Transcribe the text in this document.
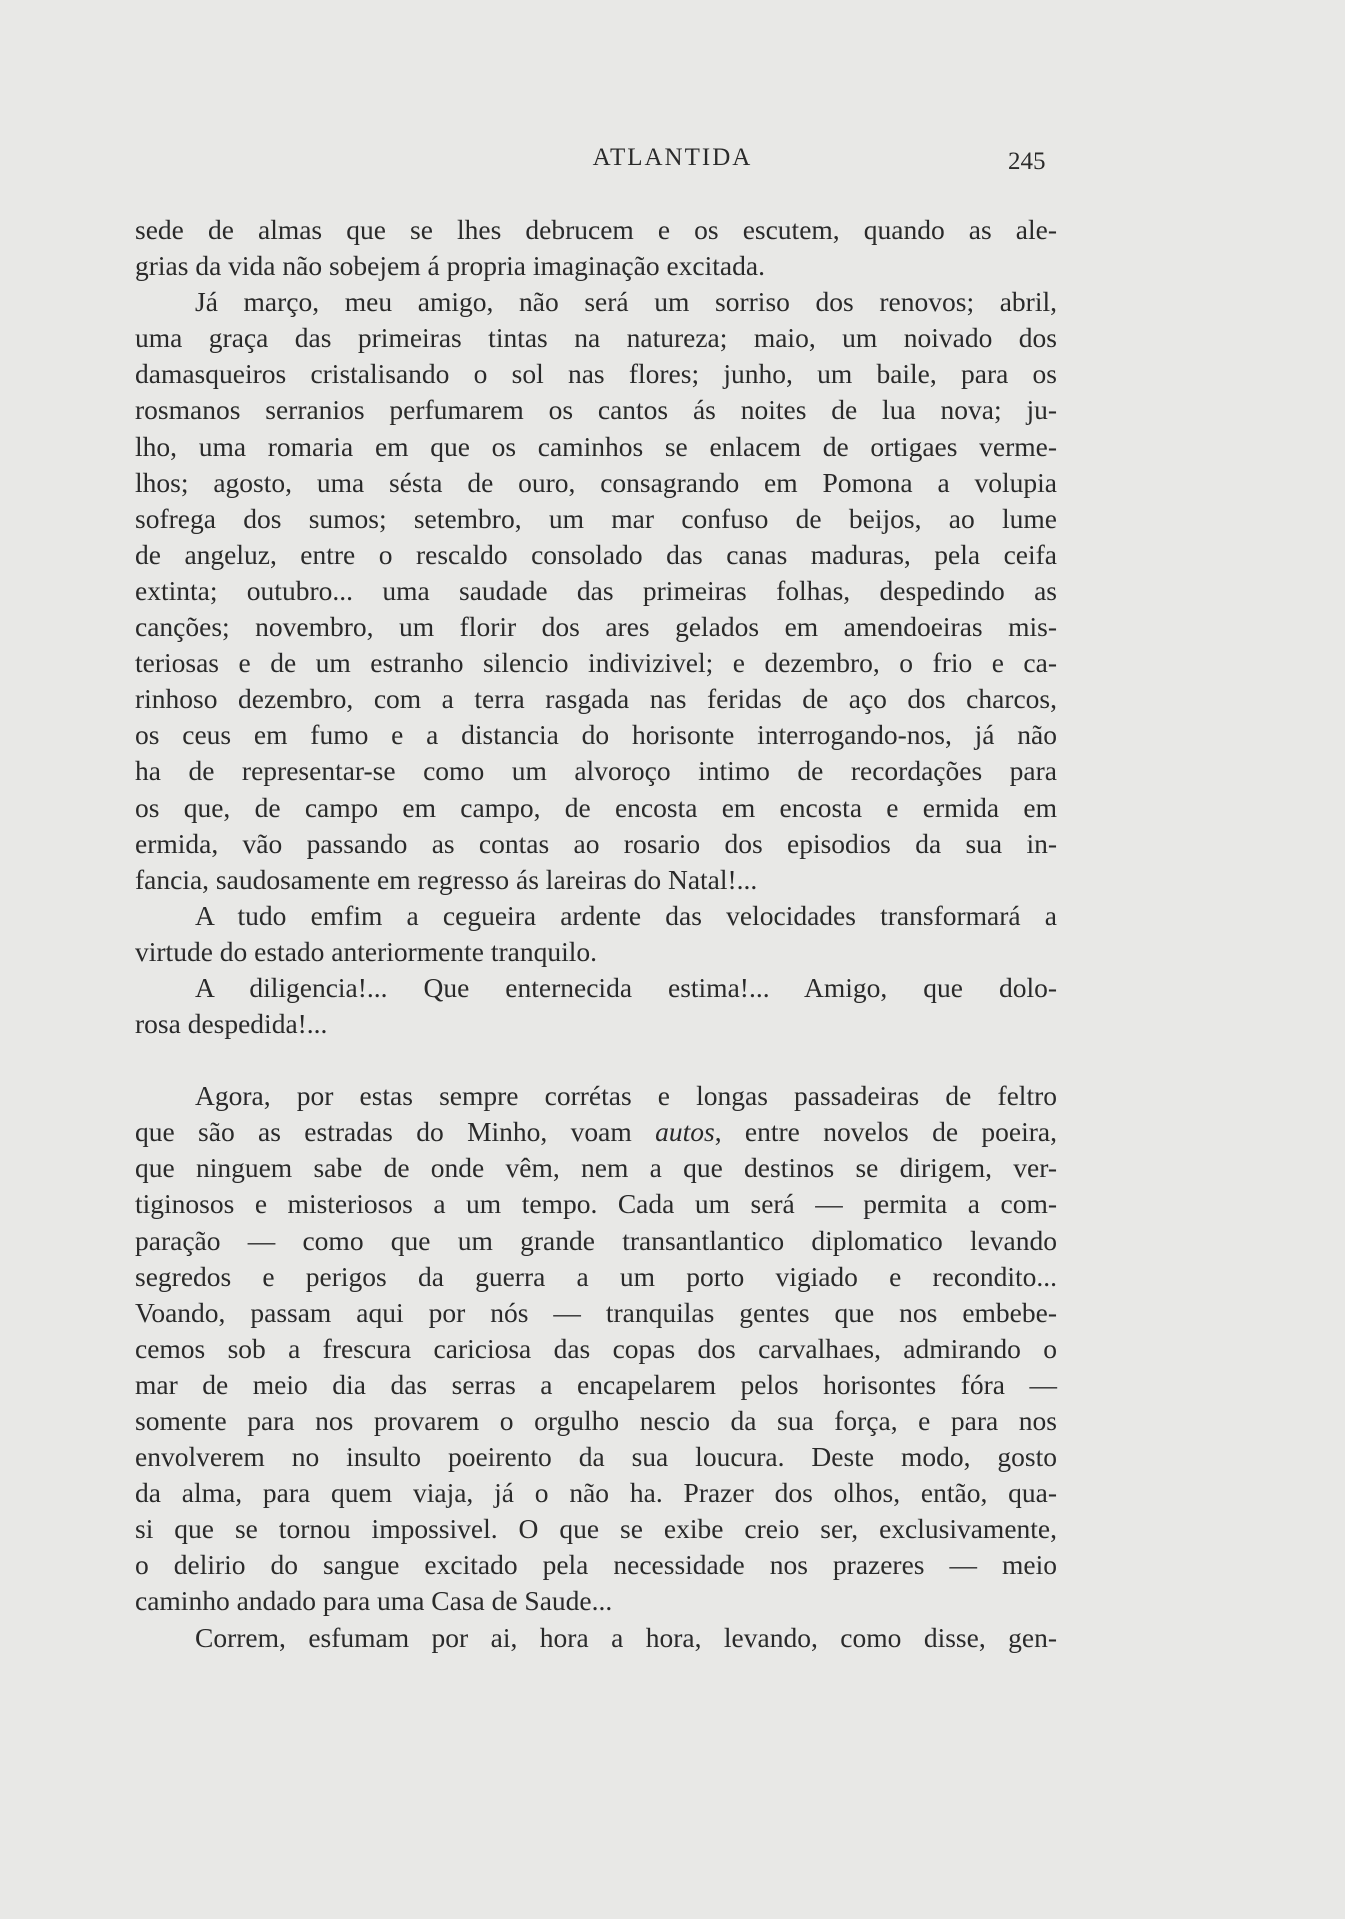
ATLANTIDA	245
sede de almas que se lhes debrucem e os escutem, quando as ale-
grias da vida não sobejem á propria imaginação excitada.
Já março, meu amigo, não será um sorriso dos renovos; abril,
uma graça das primeiras tintas na natureza; maio, um noivado dos
damasqueiros cristalisando o sol nas flores; junho, um baile, para os
rosmanos serranios perfumarem os cantos ás noites de lua nova; ju-
lho, uma romaria em que os caminhos se enlacem de ortigaes verme-
lhos; agosto, uma sésta de ouro, consagrando em Pomona a volupia
sofrega dos sumos; setembro, um mar confuso de beijos, ao lume
de angeluz, entre o rescaldo consolado das canas maduras, pela ceifa
extinta; outubro... uma saudade das primeiras folhas, despedindo as
canções; novembro, um florir dos ares gelados em amendoeiras mis-
teriosas e de um estranho silencio indivizivel; e dezembro, o frio e ca-
rinhoso dezembro, com a terra rasgada nas feridas de aço dos charcos,
os ceus em fumo e a distancia do horisonte interrogando-nos, já não
ha de representar-se como um alvoroço intimo de recordações para
os que, de campo em campo, de encosta em encosta e ermida em
ermida, vão passando as contas ao rosario dos episodios da sua in-
fancia, saudosamente em regresso ás lareiras do Natal!...
A tudo emfim a cegueira ardente das velocidades transformará a
virtude do estado anteriormente tranquilo.
A diligencia!... Que enternecida estima!... Amigo, que dolo-
rosa despedida!...
Agora, por estas sempre corrétas e longas passadeiras de feltro
que são as estradas do Minho, voam autos, entre novelos de poeira,
que ninguem sabe de onde vêm, nem a que destinos se dirigem, ver-
tiginosos e misteriosos a um tempo. Cada um será — permita a com-
paração — como que um grande transantlantico diplomatico levando
segredos e perigos da guerra a um porto vigiado e recondito...
Voando, passam aqui por nós — tranquilas gentes que nos embebe-
cemos sob a frescura cariciosa das copas dos carvalhaes, admirando o
mar de meio dia das serras a encapelarem pelos horisontes fóra —
somente para nos provarem o orgulho nescio da sua força, e para nos
envolverem no insulto poeirento da sua loucura. Deste modo, gosto
da alma, para quem viaja, já o não ha. Prazer dos olhos, então, qua-
si que se tornou impossivel. O que se exibe creio ser, exclusivamente,
o delirio do sangue excitado pela necessidade nos prazeres — meio
caminho andado para uma Casa de Saude...
Correm, esfumam por ai, hora a hora, levando, como disse, gen-
